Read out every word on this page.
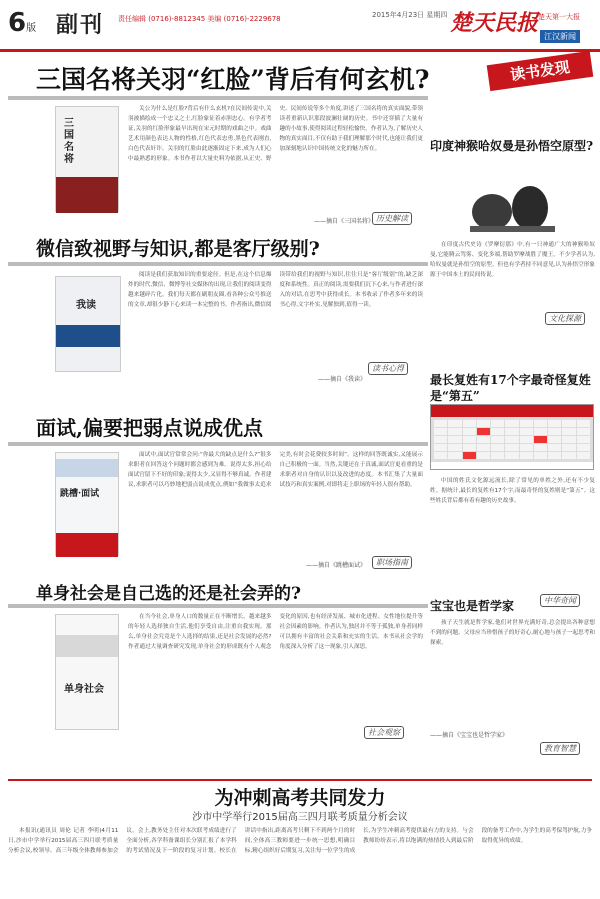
6版 副刊 责任编辑 (0716)-8812345 美编 (0716)-2229678	2015年4月23日 星期四 楚天民报 楚天第一大报
江汉新闻
读书发现
三国名将关羽“红脸”背后有何玄机?
三国名将

关公为什么是红脸?背后有什么玄机?在民间传说中,关羽被描绘成一个忠义之士,红脸象征着赤胆忠心。有学者考证,关羽的红脸形象最早出现在宋元时期的戏曲之中。戏曲艺术用颜色表达人物的性格,红色代表忠勇,黑色代表刚直,白色代表奸诈。关羽的红脸由此逐渐固定下来,成为人们心中最熟悉的形象。本书作者以大量史料为依据,从正史、野史、民间传说等多个角度,讲述了三国名将的真实面貌,带领读者重新认识那段波澜壮阔的历史。书中还穿插了大量有趣的小故事,使得阅读过程轻松愉快。作者认为,了解历史人物的真实面目,不仅有助于我们理解那个时代,也能让我们更加深刻地认识中国传统文化的魅力所在。

——摘自《三国名将》 历史解读
微信致视野与知识,都是客厅级别?
我读

阅读是我们获取知识的重要途径。但是,在这个信息爆炸的时代,微信、微博等社交媒体的出现,让我们的阅读变得越来越碎片化。我们每天都在刷朋友圈,看各种公众号推送的文章,却很少静下心来读一本完整的书。作者指出,微信阅读带给我们的视野与知识,往往只是“客厅级别”的,缺乏深度和系统性。真正的阅读,需要我们沉下心来,与作者进行深入的对话,在思考中获得成长。本书收录了作者多年来的读书心得,文字朴实,见解独到,值得一读。

——摘自《我读》
读书心得
面试,偏要把弱点说成优点
跳槽·面试

面试中,面试官常常会问:“你最大的缺点是什么?”很多求职者在回答这个问题时都会感到为难。说得太多,担心给面试官留下不好的印象;说得太少,又显得不够真诚。作者建议,求职者可以巧妙地把弱点说成优点,例如“我做事太追求完美,有时会花费较多时间”。这样的回答既诚实,又能展示自己积极的一面。当然,关键还在于真诚,面试官更看重的是求职者对自身的认识以及改进的态度。本书汇集了大量面试技巧和真实案例,对即将走上职场的年轻人很有帮助。

——摘自《跳槽面试》	职场指南
单身社会是自己选的还是社会弄的?
单身社会

在当今社会,单身人口的数量正在不断增长。越来越多的年轻人选择独自生活,他们享受自由,注重自我实现。那么,单身社会究竟是个人选择的结果,还是社会发展的必然?作者通过大量调查研究发现,单身社会的形成既有个人观念变化的原因,也有经济发展、城市化进程、女性地位提升等社会因素的影响。作者认为,独居并不等于孤独,单身者同样可以拥有丰富的社会关系和充实的生活。本书从社会学的角度深入分析了这一现象,引人深思。

社会观察
印度神猴哈奴曼是孙悟空原型?

在印度古代史诗《罗摩衍那》中,有一只神通广大的神猴哈奴曼,它能腾云驾雾、变化多端,帮助罗摩战胜了魔王。不少学者认为,哈奴曼就是孙悟空的原型。但也有学者持不同意见,认为孙悟空形象源于中国本土的民间传说。

文化探源
最长复姓有17个字最奇怪复姓是“第五”

中国的姓氏文化源远流长,除了常见的单姓之外,还有不少复姓。据统计,最长的复姓有17个字,而最奇怪的复姓则是“第五”。这些姓氏背后都有着有趣的历史故事。

中华奇闻
宝宝也是哲学家

孩子天生就是哲学家,他们对世界充满好奇,总会提出各种意想不到的问题。父母应当珍惜孩子的好奇心,耐心地与孩子一起思考和探索。

——摘自《宝宝也是哲学家》
教育智慧
为冲刺高考共同发力
沙市中学举行2015届高三四月联考质量分析会议

本报讯(通讯员 周伦 记者 李明)4月11日,沙市中学举行2015届高三四月联考质量分析会议,校领导、高三年级全体教师参加会议。会上,教务处主任对本次联考成绩进行了全面分析,各学科备课组长分别汇报了本学科的考试情况及下一阶段的复习计划。校长在讲话中指出,距离高考只剩下不到两个月的时间,全体高三教师要进一步统一思想,明确目标,精心组织好后期复习,关注每一位学生的成长,为学生冲刺高考提供最有力的支持。与会教师纷纷表示,将以饱满的热情投入到最后阶段的备考工作中,为学生的高考保驾护航,力争取得优异的成绩。
